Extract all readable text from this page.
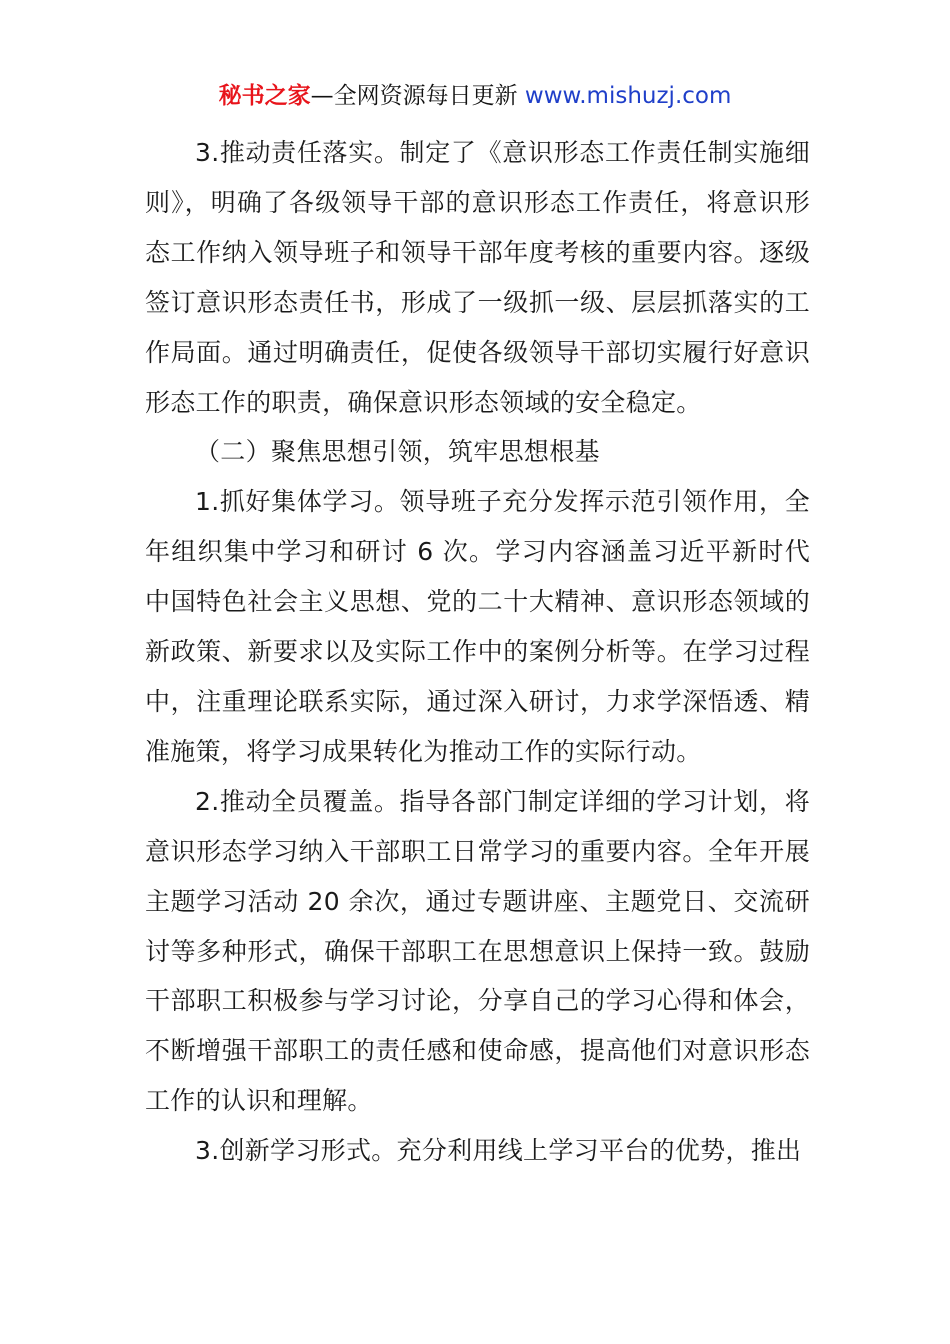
秘书之家—全网资源每日更新 www.mishuzj.com

3.推动责任落实。制定了《意识形态工作责任制实施细则》，明确了各级领导干部的意识形态工作责任，将意识形态工作纳入领导班子和领导干部年度考核的重要内容。逐级签订意识形态责任书，形成了一级抓一级、层层抓落实的工作局面。通过明确责任，促使各级领导干部切实履行好意识形态工作的职责，确保意识形态领域的安全稳定。

（二）聚焦思想引领，筑牢思想根基

1.抓好集体学习。领导班子充分发挥示范引领作用，全年组织集中学习和研讨 6 次。学习内容涵盖习近平新时代中国特色社会主义思想、党的二十大精神、意识形态领域的新政策、新要求以及实际工作中的案例分析等。在学习过程中，注重理论联系实际，通过深入研讨，力求学深悟透、精准施策，将学习成果转化为推动工作的实际行动。

2.推动全员覆盖。指导各部门制定详细的学习计划，将意识形态学习纳入干部职工日常学习的重要内容。全年开展主题学习活动 20 余次，通过专题讲座、主题党日、交流研讨等多种形式，确保干部职工在思想意识上保持一致。鼓励干部职工积极参与学习讨论，分享自己的学习心得和体会，不断增强干部职工的责任感和使命感，提高他们对意识形态工作的认识和理解。

3.创新学习形式。充分利用线上学习平台的优势，推出
